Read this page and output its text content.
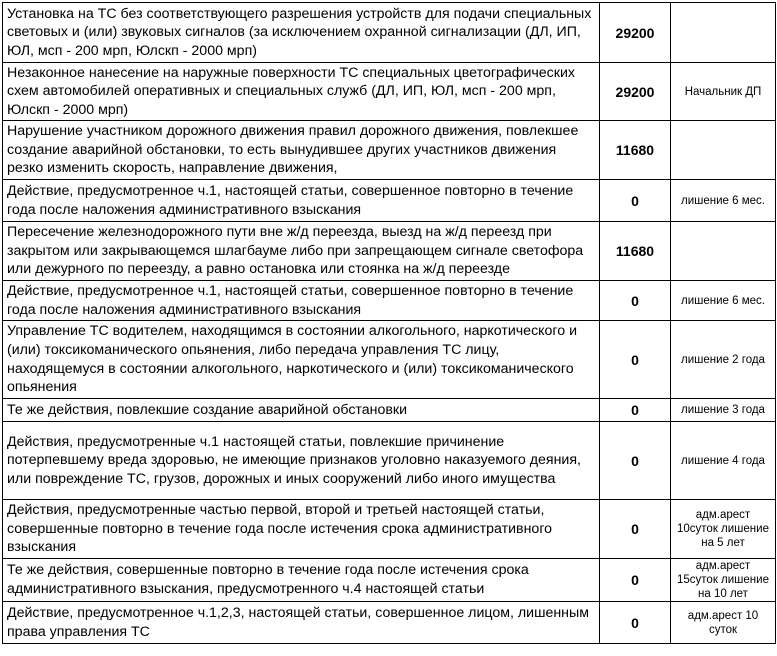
Установка на ТС без соответствующего разрешения устройств для подачи специальных световых и (или) звуковых сигналов (за исключением охранной сигнализации (ДЛ, ИП, ЮЛ, мсп - 200 мрп, Юлскп - 2000 мрп)	29200	
Незаконное нанесение на наружные поверхности ТС специальных цветографических схем автомобилей оперативных и специальных служб (ДЛ, ИП, ЮЛ, мсп - 200 мрп, Юлскп - 2000 мрп)	29200	Начальник ДП
Нарушение участником дорожного движения правил дорожного движения, повлекшее создание аварийной обстановки, то есть вынудившее других участников движения резко изменить скорость, направление движения,	11680	
Действие, предусмотренное ч.1, настоящей статьи, совершенное повторно в течение года после наложения административного взыскания	0	лишение 6 мес.
Пересечение железнодорожного пути вне ж/д переезда, выезд на ж/д переезд при закрытом или закрывающемся шлагбауме либо при запрещающем сигнале светофора или дежурного по переезду, а равно остановка или стоянка на ж/д переезде	11680	
Действие, предусмотренное ч.1, настоящей статьи, совершенное повторно в течение года после наложения административного взыскания	0	лишение 6 мес.
Управление ТС водителем, находящимся в состоянии алкогольного, наркотического и (или) токсикоманического опьянения, либо передача управления ТС лицу, находящемуся в состоянии алкогольного, наркотического и (или) токсикоманического опьянения	0	лишение 2 года
Те же действия, повлекшие создание аварийной обстановки	0	лишение 3 года
Действия, предусмотренные ч.1 настоящей статьи, повлекшие причинение потерпевшему вреда здоровью, не имеющие признаков уголовно наказуемого деяния, или повреждение ТС, грузов, дорожных и иных сооружений либо иного имущества	0	лишение 4 года
Действия, предусмотренные частью первой, второй и третьей настоящей статьи, совершенные повторно в течение года после истечения срока административного взыскания	0	адм.арест 10суток лишение на 5 лет
Те же действия, совершенные повторно в течение года после истечения срока административного взыскания, предусмотренного ч.4 настоящей статьи	0	адм.арест 15суток лишение на 10 лет
Действие, предусмотренное ч.1,2,3, настоящей статьи, совершенное лицом, лишенным права управления ТС	0	адм.арест 10 суток
